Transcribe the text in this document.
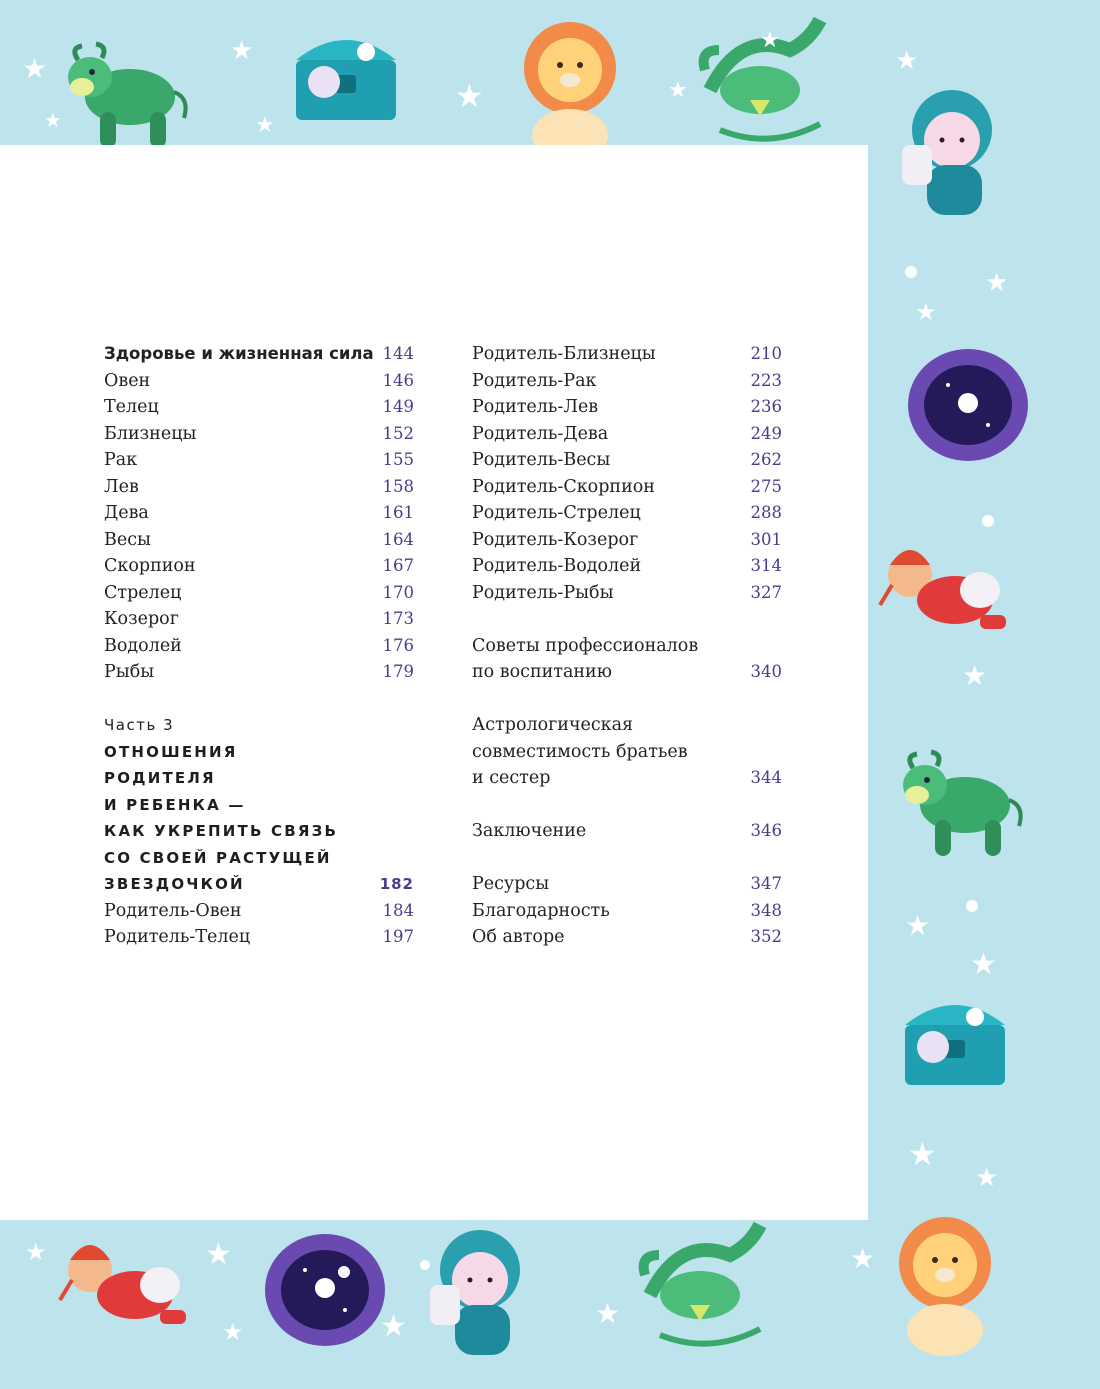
★
★
★
★
★	★
★
★
★
★
★
★
★
★
★
★	★
★	★	★
★
Здоровье и жизненная сила 144
Овен	146
Телец	149
Близнецы	152
Рак	155
Лев	158
Дева	161
Весы	164
Скорпион	167
Стрелец	170
Козерог	173
Водолей	176
Рыбы	179
Часть 3
ОТНОШЕНИЯ
РОДИТЕЛЯ
И РЕБЕНКА —
КАК УКРЕПИТЬ СВЯЗЬ
СО СВОЕЙ РАСТУЩЕЙ
ЗВЕЗДОЧКОЙ	182
Родитель-Овен	184
Родитель-Телец	197
Родитель-Близнецы	210
Родитель-Рак	223
Родитель-Лев	236
Родитель-Дева	249
Родитель-Весы	262
Родитель-Скорпион	275
Родитель-Стрелец	288
Родитель-Козерог	301
Родитель-Водолей	314
Родитель-Рыбы	327
Советы профессионалов
по воспитанию	340
Астрологическая
совместимость братьев
и сестер	344
Заключение	346
Ресурсы	347
Благодарность	348
Об авторе	352
